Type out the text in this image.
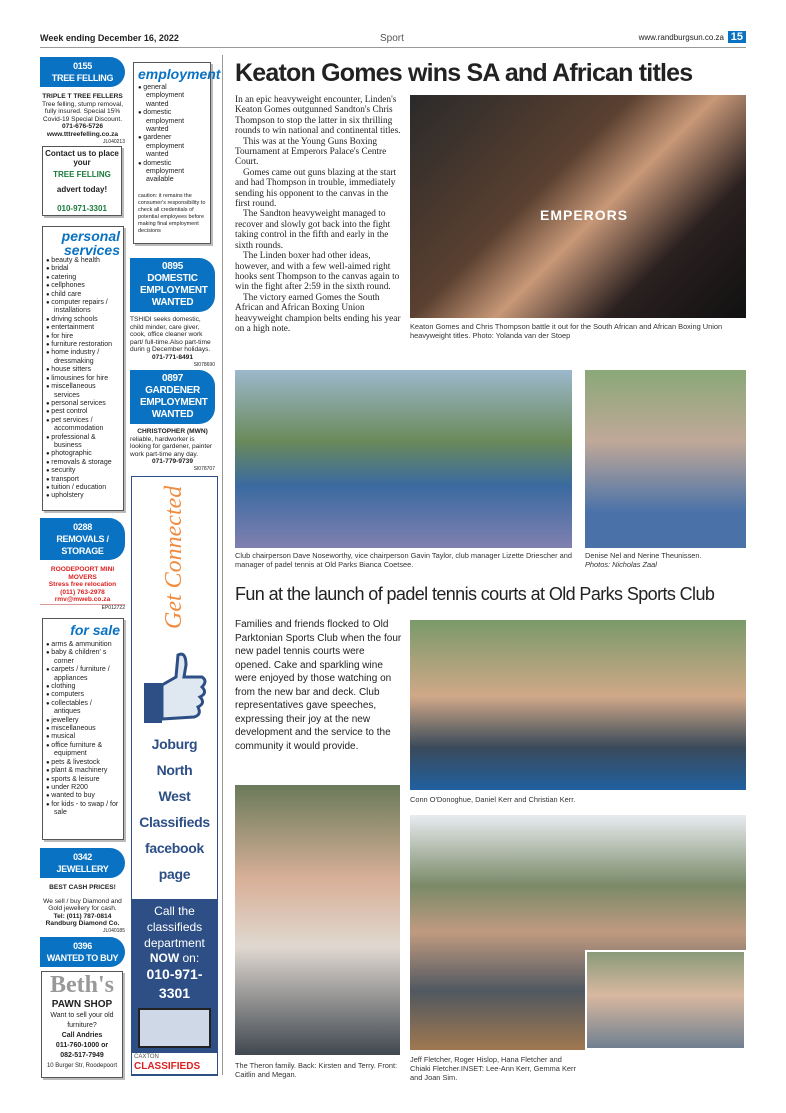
Week ending December 16, 2022	Sport	www.randburgsun.co.za 15
0155
TREE FELLING
TRIPLE T TREE FELLERS
Tree felling, stump removal, fully insured. Special 15% Covid-19 Special Discount.
071-676-5726
www.tttreefelling.co.za
JL040213
Contact us to place your
TREE FELLING
advert today!
010-971-3301
personal
services
● beauty & health
● bridal
● catering
● cellphones
● child care
● computer repairs / installations
● driving schools
● entertainment
● for hire
● furniture restoration
● home industry / dressmaking
● house sitters
● limousines for hire
● miscellaneous services
● personal services
● pest control
● pet services / accommodation
● professional & business
● photographic
● removals & storage
● security
● transport
● tuition / education
● upholstery
0288
REMOVALS / STORAGE
ROODEPOORT MINI MOVERS
Stress free relocation
(011) 763-2978
rmv@mweb.co.za
EP012722
for sale
● arms & ammunition
● baby & children' s corner
● carpets / furniture / appliances
● clothing
● computers
● collectables / antiques
● jewellery
● miscellaneous
● musical
● office furniture & equipment
● pets & livestock
● plant & machinery
● sports & leisure
● under R200
● wanted to buy
● for kids - to swap / for sale
0342
JEWELLERY
BEST CASH PRICES!
We sell / buy Diamond and Gold jewellery for cash.
Tel: (011) 787-0814
Randburg Diamond Co.
JL040185
0396
WANTED TO BUY
Beth's
PAWN SHOP
Want to sell your old furniture?
Call Andries
011-760-1000 or
082-517-7949
10 Burger Str, Roodepoort
employment
● general employment wanted
● domestic employment wanted
● gardener employment wanted
● domestic employment available
caution: it remains the consumer's responsibility to check all credentials of potential employees before making final employment decisions
0895
DOMESTIC EMPLOYMENT WANTED
TSHIDI seeks domestic, child minder, care giver, cook, office cleaner work part/ full-time.Also part-time durin g December holidays.
071-771-8491
SI078690
0897
GARDENER EMPLOYMENT WANTED
CHRISTOPHER (MWN)
reliable, hardworker is looking for gardener, painter work part-time any day.
071-779-9739
SI078707
Get Connected
Joburg
North
West
Classifieds
facebook
page
Call the classifieds department
NOW on:
010-971-3301
CAXTON
CLASSIFIEDS
Keaton Gomes wins SA and African titles

In an epic heavyweight encounter, Linden's Keaton Gomes outgunned Sandton's Chris Thompson to stop the latter in six thrilling rounds to win national and continental titles.

This was at the Young Guns Boxing Tournament at Emperors Palace's Centre Court.

Gomes came out guns blazing at the start and had Thompson in trouble, immediately sending his opponent to the canvas in the first round.

The Sandton heavyweight managed to recover and slowly got back into the fight taking control in the fifth and early in the sixth rounds.

The Linden boxer had other ideas, however, and with a few well-aimed right hooks sent Thompson to the canvas again to win the fight after 2:59 in the sixth round.

The victory earned Gomes the South African and African Boxing Union heavyweight champion belts ending his year on a high note.

EMPERORS
Keaton Gomes and Chris Thompson battle it out for the South African and African Boxing Union heavyweight titles. Photo: Yolanda van der Stoep
Club chairperson Dave Noseworthy, vice chairperson Gavin Taylor, club manager Lizette Driescher and manager of padel tennis at Old Parks Bianca Coetsee.
Denise Nel and Nerine Theunissen.
Photos: Nicholas Zaal
Fun at the launch of padel tennis courts at Old Parks Sports Club
Families and friends flocked to Old Parktonian Sports Club when the four new padel tennis courts were opened. Cake and sparkling wine were enjoyed by those watching on from the new bar and deck. Club representatives gave speeches, expressing their joy at the new development and the service to the community it would provide.
Conn O'Donoghue, Daniel Kerr and Christian Kerr.
The Theron family. Back: Kirsten and Terry. Front: Caitlin and Megan.
Jeff Fletcher, Roger Hislop, Hana Fletcher and Chiaki Fletcher.INSET: Lee-Ann Kerr, Gemma Kerr and Joan Sim.
